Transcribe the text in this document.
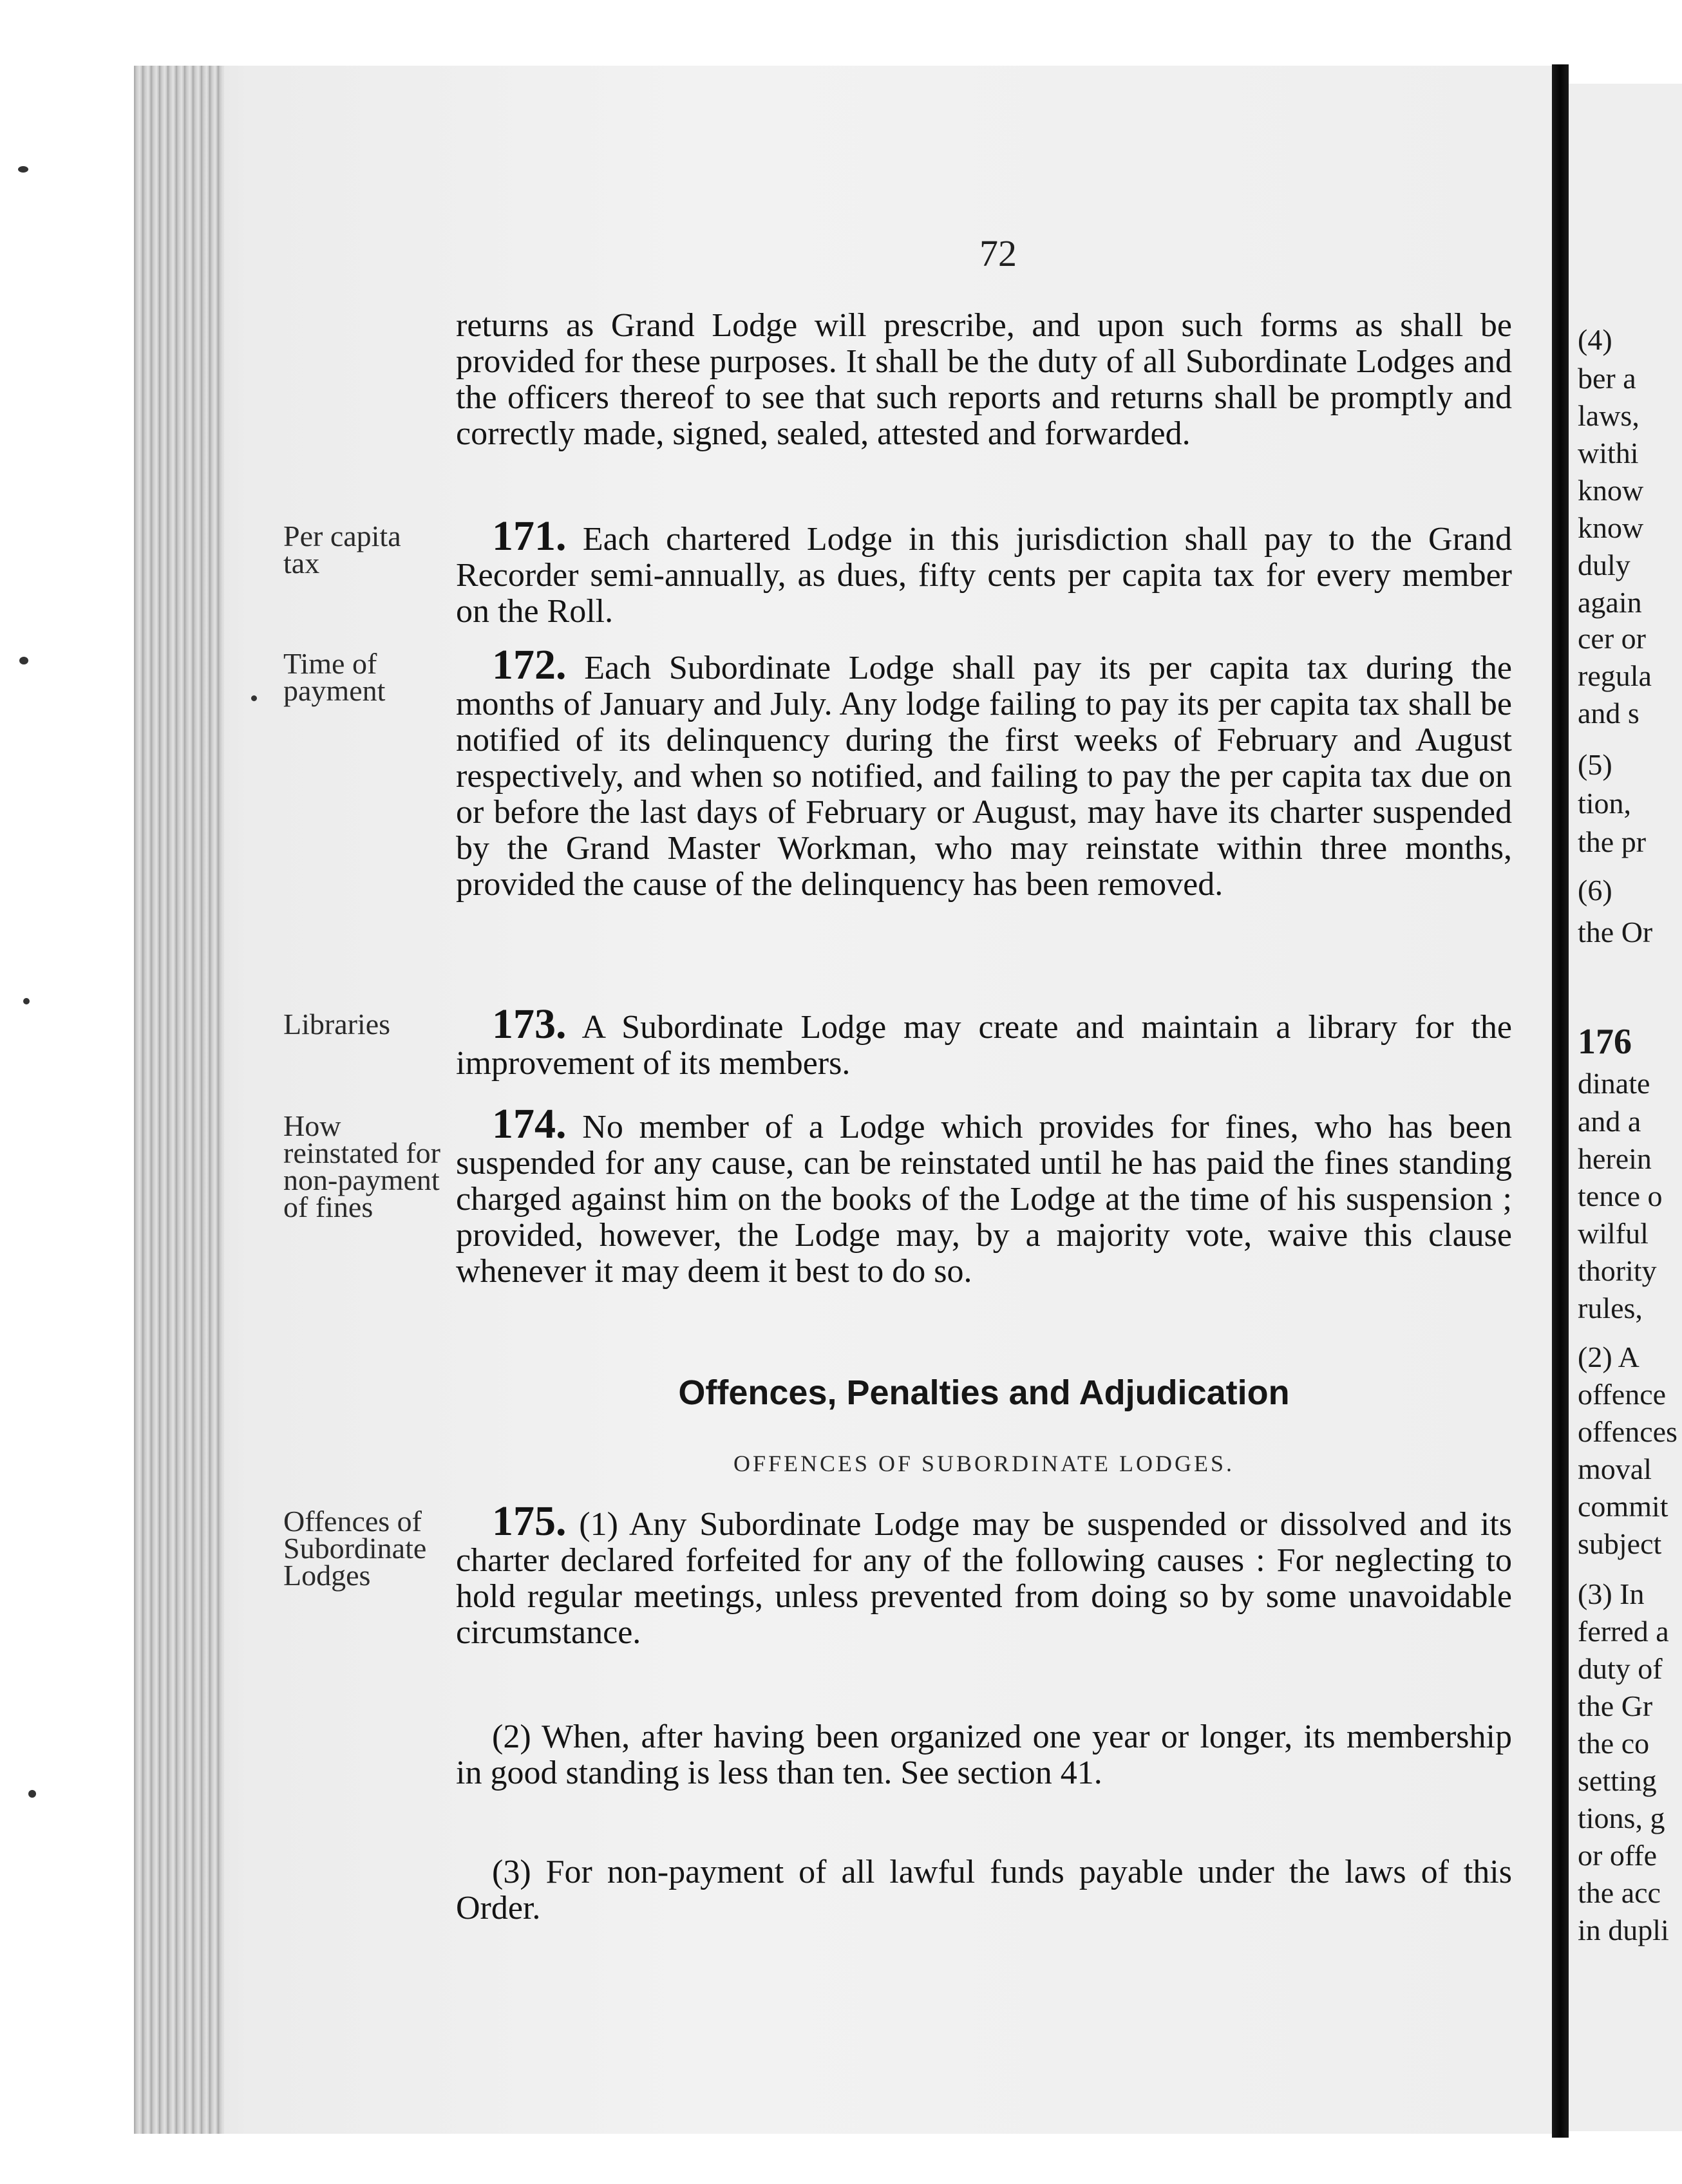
(4)
ber a
laws,
withi
know
know
duly
again
cer or
regula
and s
(5)
tion,
the pr
(6)
the Or
176
dinate
and a
herein
tence o
wilful
thority
rules,
(2) A
offence
offences
moval
commit
subject
(3) In
ferred a
duty of
the Gr
the co
setting
tions, g
or offe
the acc
in dupli
72
returns as Grand Lodge will prescribe, and upon such forms as shall be provided for these purposes. It shall be the duty of all Subordinate Lodges and the officers thereof to see that such reports and returns shall be promptly and correctly made, signed, sealed, attested and forwarded.
Per capita tax
171. Each chartered Lodge in this jurisdiction shall pay to the Grand Recorder semi-annually, as dues, fifty cents per capita tax for every member on the Roll.
Time of payment
172. Each Subordinate Lodge shall pay its per capita tax during the months of January and July. Any lodge failing to pay its per capita tax shall be notified of its delinquency during the first weeks of February and August respectively, and when so notified, and failing to pay the per capita tax due on or before the last days of February or August, may have its charter suspended by the Grand Master Workman, who may reinstate within three months, provided the cause of the delinquency has been removed.
Libraries	173. A Subordinate Lodge may create and maintain a library for the improvement of its members.
How reinstated for non-payment of fines
174. No member of a Lodge which provides for fines, who has been suspended for any cause, can be reinstated until he has paid the fines standing charged against him on the books of the Lodge at the time of his suspension ; provided, however, the Lodge may, by a majority vote, waive this clause whenever it may deem it best to do so.
Offences, Penalties and Adjudication
OFFENCES OF SUBORDINATE LODGES.
Offences of Subordinate Lodges
175. (1) Any Subordinate Lodge may be suspended or dissolved and its charter declared forfeited for any of the following causes : For neglecting to hold regular meetings, unless prevented from doing so by some unavoidable circumstance.
(2) When, after having been organized one year or longer, its membership in good standing is less than ten. See section 41.
(3) For non-payment of all lawful funds payable under the laws of this Order.
